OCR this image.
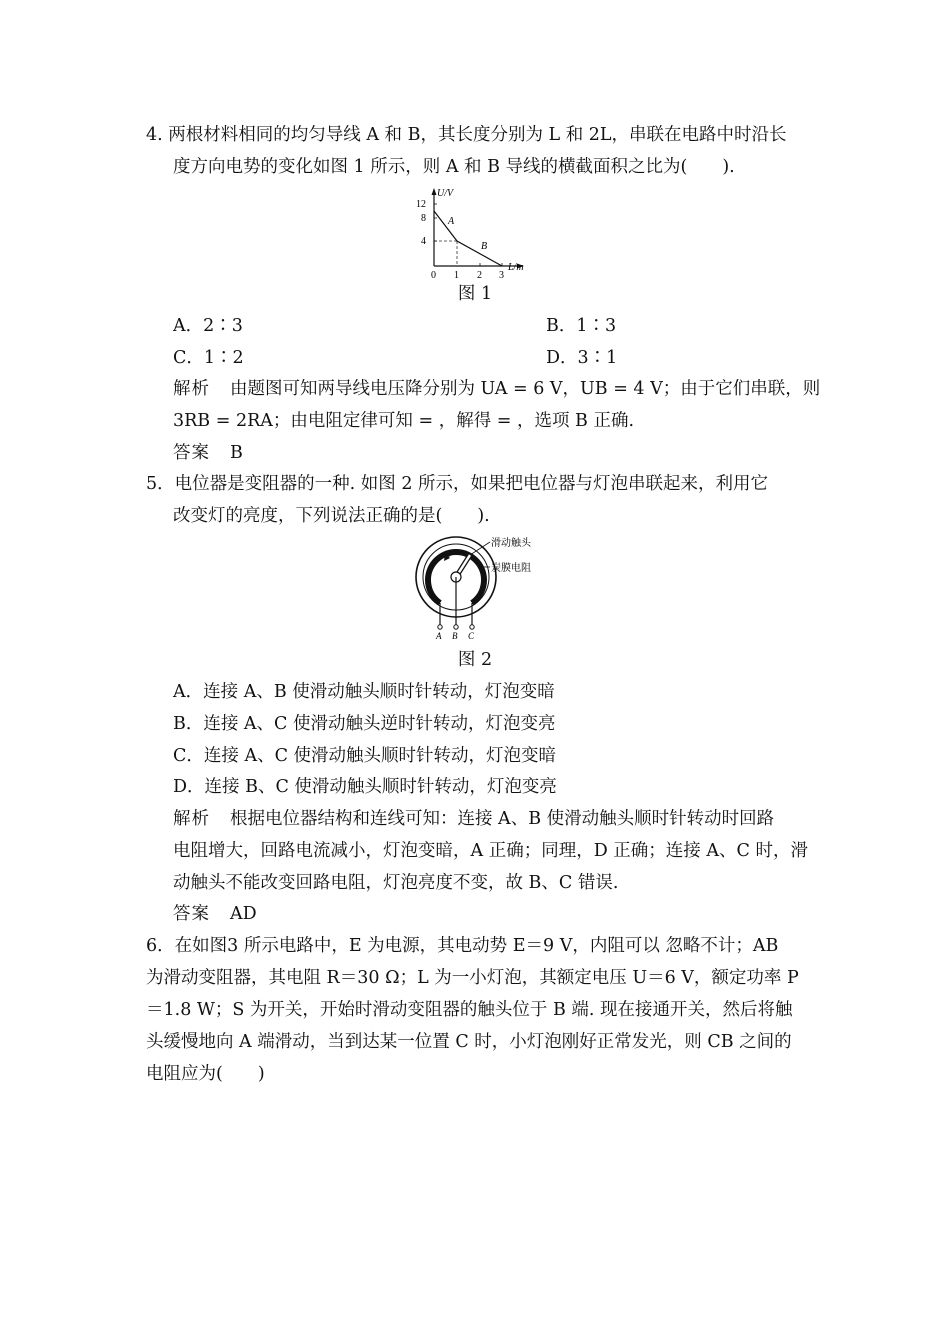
4. 两根材料相同的均匀导线 A 和 B，其长度分别为 L 和 2L，串联在电路中时沿长
度方向电势的变化如图 1 所示，则 A 和 B 导线的横截面积之比为(　　).
U/V
12
8
4
0 1 2 3
L/m
A
B
图 1
A．2∶3	B．1∶3
C．1∶2	D．3∶1
解析 由题图可知两导线电压降分别为 UA = 6 V，UB = 4 V；由于它们串联，则
3RB = 2RA；由电阻定律可知 = ，解得 = ，选项 B 正确.
答案 B
5．电位器是变阻器的一种. 如图 2 所示，如果把电位器与灯泡串联起来，利用它
改变灯的亮度，下列说法正确的是(　　).
滑动触头
炭膜电阻
A B C
图 2
A．连接 A、B 使滑动触头顺时针转动，灯泡变暗
B．连接 A、C 使滑动触头逆时针转动，灯泡变亮
C．连接 A、C 使滑动触头顺时针转动，灯泡变暗
D．连接 B、C 使滑动触头顺时针转动，灯泡变亮
解析 根据电位器结构和连线可知：连接 A、B 使滑动触头顺时针转动时回路
电阻增大，回路电流减小，灯泡变暗，A 正确；同理，D 正确；连接 A、C 时，滑
动触头不能改变回路电阻，灯泡亮度不变，故 B、C 错误.
答案 AD
6．在如图3 所示电路中，E 为电源，其电动势 E＝9 V，内阻可以 忽略不计；AB
为滑动变阻器，其电阻 R＝30 Ω；L 为一小灯泡，其额定电压 U＝6 V，额定功率 P
＝1.8 W；S 为开关，开始时滑动变阻器的触头位于 B 端. 现在接通开关，然后将触
头缓慢地向 A 端滑动，当到达某一位置 C 时，小灯泡刚好正常发光，则 CB 之间的
电阻应为(　　)
